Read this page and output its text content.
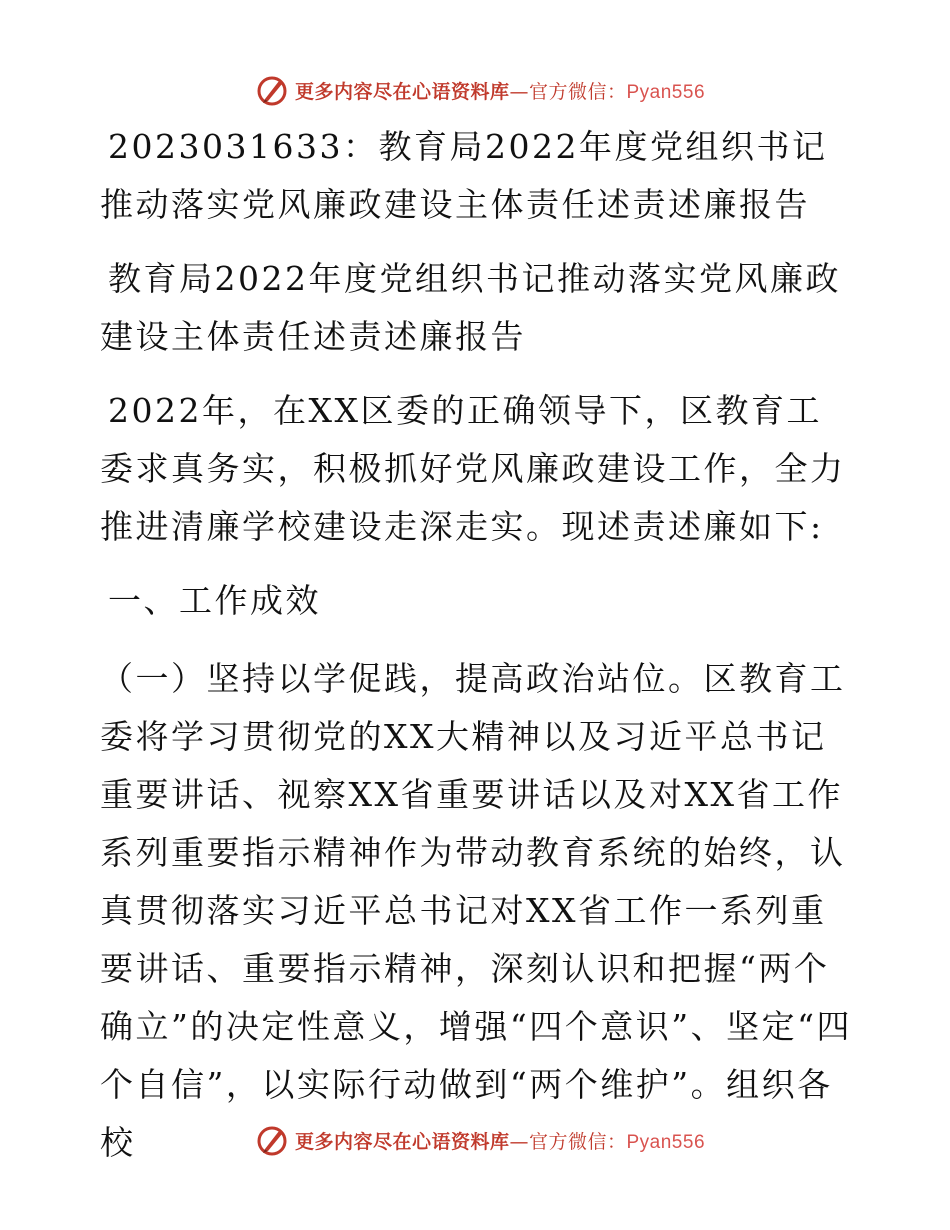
更多内容尽在心语资料库—官方微信：Pyan556

2023031633：教育局2022年度党组织书记推动落实党风廉政建设主体责任述责述廉报告

教育局2022年度党组织书记推动落实党风廉政建设主体责任述责述廉报告

2022年，在XX区委的正确领导下，区教育工委求真务实，积极抓好党风廉政建设工作，全力推进清廉学校建设走深走实。现述责述廉如下:

一、工作成效

（一）坚持以学促践，提高政治站位。区教育工委将学习贯彻党的XX大精神以及习近平总书记重要讲话、视察XX省重要讲话以及对XX省工作系列重要指示精神作为带动教育系统的始终，认真贯彻落实习近平总书记对XX省工作一系列重要讲话、重要指示精神，深刻认识和把握“两个确立”的决定性意义，增强“四个意识”、坚定“四个自信”，以实际行动做到“两个维护”。组织各校	更多内容尽在心语资料库—官方微信：Pyan556
